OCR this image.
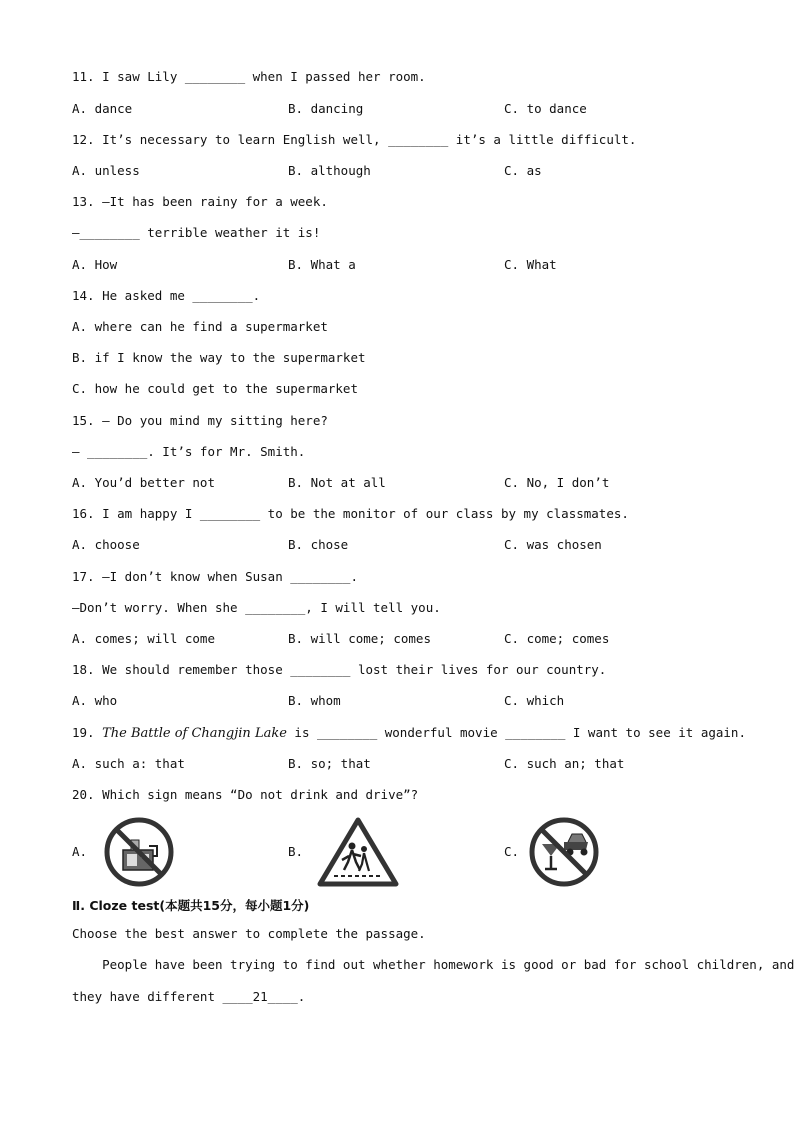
11. I saw Lily ________ when I passed her room.
A. dance	B. dancing	C. to dance
12. It’s necessary to learn English well, ________ it’s a little difficult.
A. unless	B. although	C. as
13. —It has been rainy for a week.
—________ terrible weather it is!
A. How	B. What a	C. What
14. He asked me ________.
A. where can he find a supermarket
B. if I know the way to the supermarket
C. how he could get to the supermarket
15. — Do you mind my sitting here?
— ________. It’s for Mr. Smith.
A. You’d better not	B. Not at all	C. No, I don’t
16. I am happy I ________ to be the monitor of our class by my classmates.
A. choose	B. chose	C. was chosen
17. —I don’t know when Susan ________.
—Don’t worry. When she ________, I will tell you.
A. comes; will come	B. will come; comes	C. come; comes
18. We should remember those ________ lost their lives for our country.
A. who	B. whom	C. which
19. The Battle of Changjin Lake is ________ wonderful movie ________ I want to see it again.
A. such a: that	B. so; that	C. such an; that
20. Which sign means “Do not drink and drive”?
A.	B.	C.
Ⅱ. Cloze test(本题共15分，每小题1分)
Choose the best answer to complete the passage.
People have been trying to find out whether homework is good or bad for school children, and
they have different ____21____.
